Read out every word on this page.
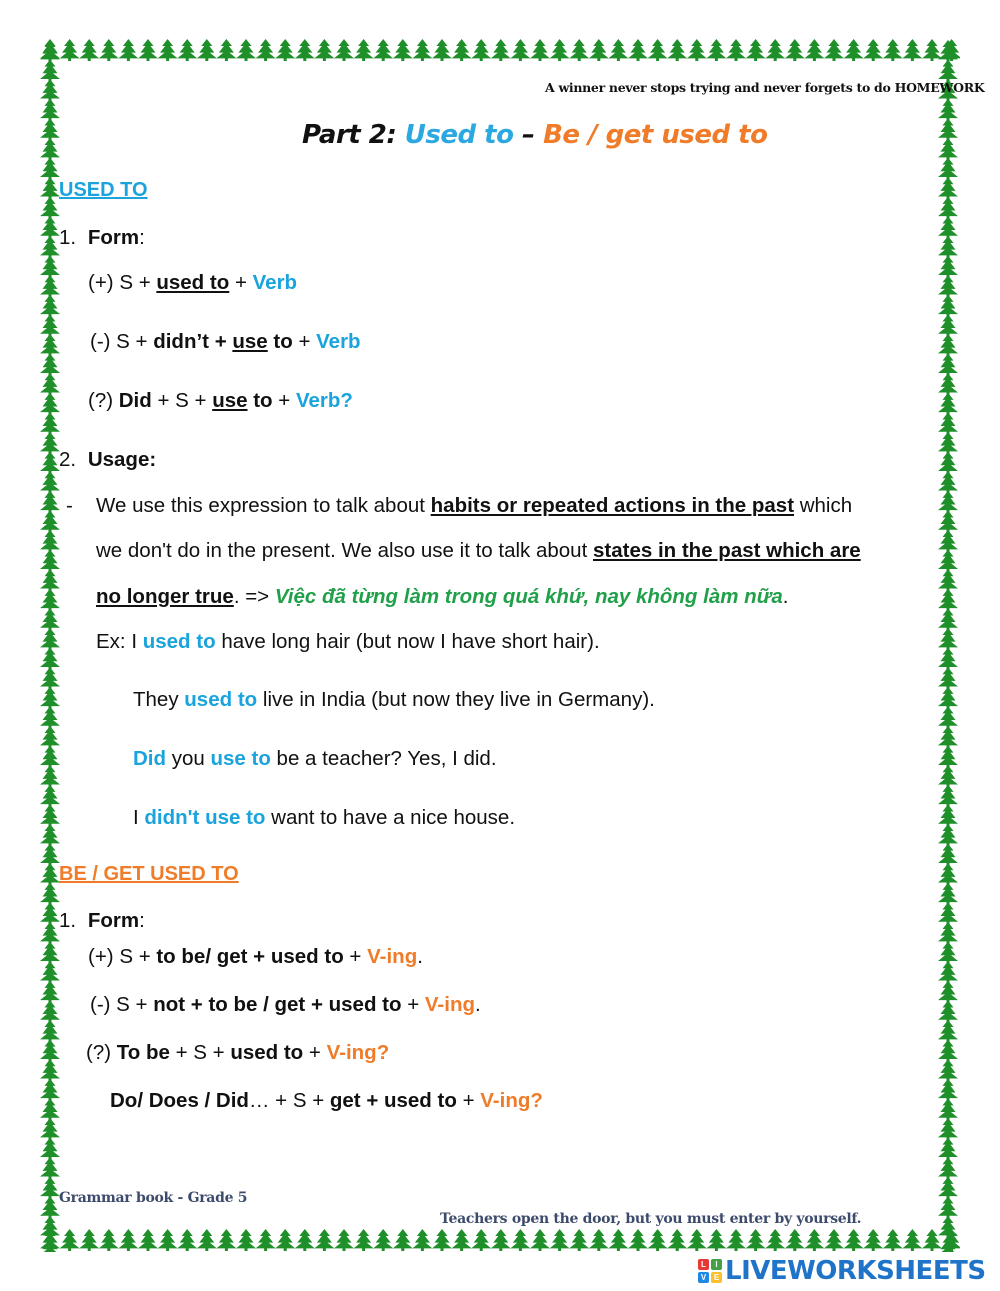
A winner never stops trying and never forgets to do HOMEWORK
Part 2: Used to – Be / get used to
USED TO
1. Form:
(+) S + used to + Verb
(-) S + didn’t + use to + Verb
(?) Did + S + use to + Verb?
2. Usage:
- We use this expression to talk about habits or repeated actions in the past which
we don't do in the present. We also use it to talk about states in the past which are
no longer true. => Việc đã từng làm trong quá khứ, nay không làm nữa.
Ex: I used to have long hair (but now I have short hair).
They used to live in India (but now they live in Germany).
Did you use to be a teacher? Yes, I did.
I didn't use to want to have a nice house.
BE / GET USED TO
1. Form:
(+) S + to be/ get + used to + V-ing.
(-) S + not + to be / get + used to + V-ing.
(?) To be + S + used to + V-ing?
Do/ Does / Did… + S + get + used to + V-ing?
Grammar book - Grade 5
Teachers open the door, but you must enter by yourself.
L	I
V E LIVEWORKSHEETS
